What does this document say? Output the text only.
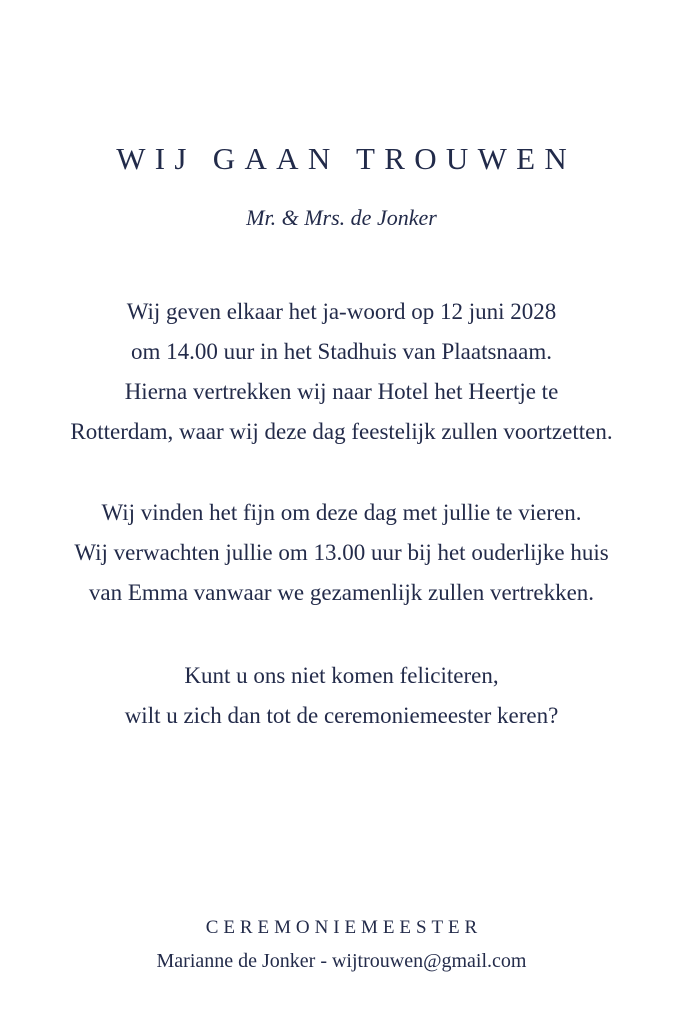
WIJ GAAN TROUWEN

Mr. & Mrs. de Jonker

Wij geven elkaar het ja-woord op 12 juni 2028
om 14.00 uur in het Stadhuis van Plaatsnaam.
Hierna vertrekken wij naar Hotel het Heertje te
Rotterdam, waar wij deze dag feestelijk zullen voortzetten.

Wij vinden het fijn om deze dag met jullie te vieren.
Wij verwachten jullie om 13.00 uur bij het ouderlijke huis
van Emma vanwaar we gezamenlijk zullen vertrekken.

Kunt u ons niet komen feliciteren,
wilt u zich dan tot de ceremoniemeester keren?

CEREMONIEMEESTER

Marianne de Jonker - wijtrouwen@gmail.com
